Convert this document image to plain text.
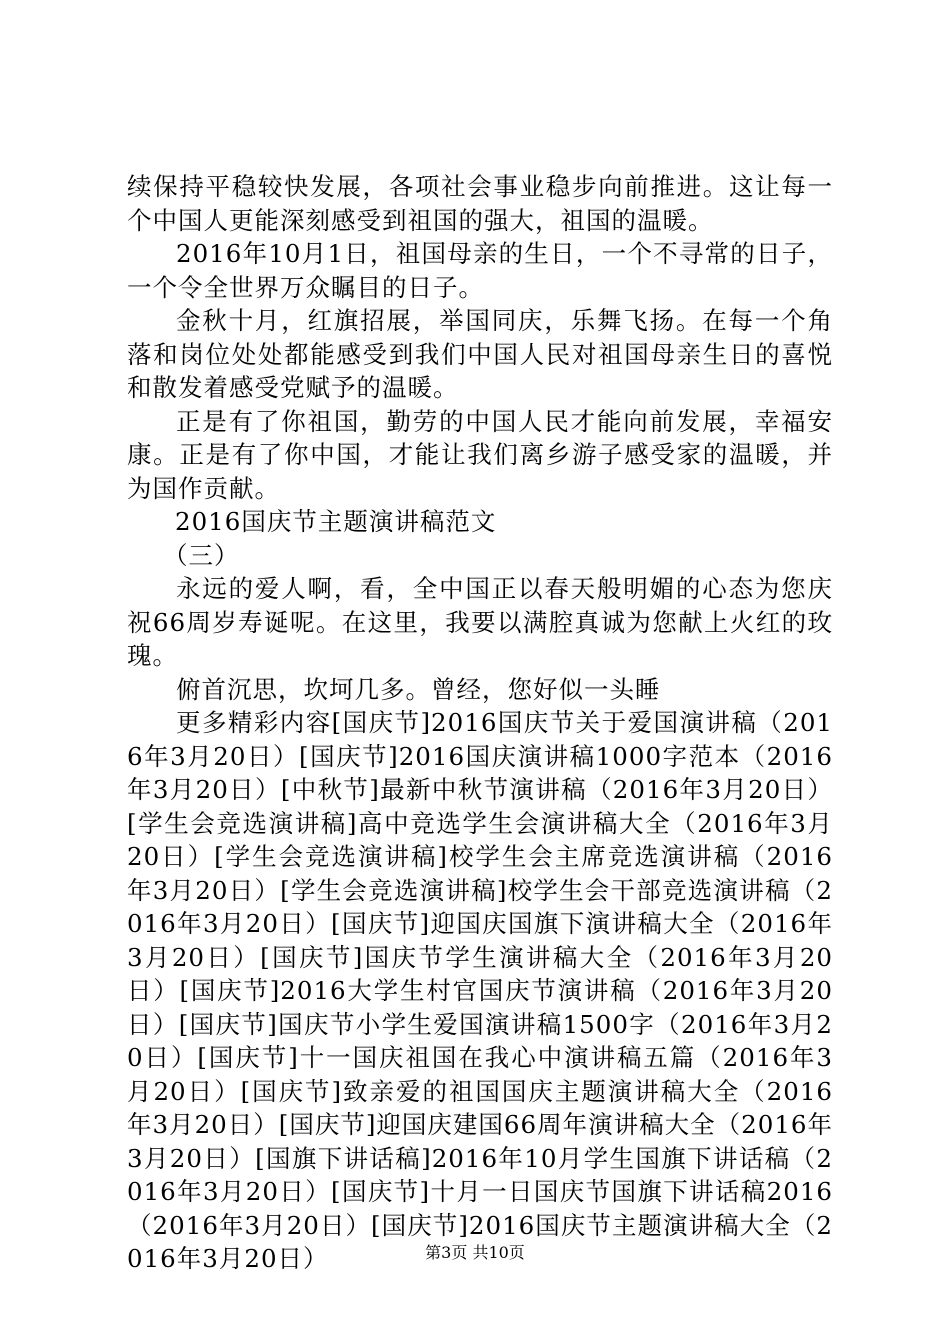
续保持平稳较快发展，各项社会事业稳步向前推进。这让每一个中国人更能深刻感受到祖国的强大，祖国的温暖。

2016年10月1日，祖国母亲的生日，一个不寻常的日子，一个令全世界万众瞩目的日子。

金秋十月，红旗招展，举国同庆，乐舞飞扬。在每一个角落和岗位处处都能感受到我们中国人民对祖国母亲生日的喜悦和散发着感受党赋予的温暖。

正是有了你祖国，勤劳的中国人民才能向前发展，幸福安康。正是有了你中国，才能让我们离乡游子感受家的温暖，并为国作贡献。

2016国庆节主题演讲稿范文

（三）

永远的爱人啊，看，全中国正以春天般明媚的心态为您庆祝66周岁寿诞呢。在这里，我要以满腔真诚为您献上火红的玫瑰。

俯首沉思，坎坷几多。曾经，您好似一头睡

更多精彩内容[国庆节]2016国庆节关于爱国演讲稿（2016年3月20日）[国庆节]2016国庆演讲稿1000字范本（2016年3月20日）[中秋节]最新中秋节演讲稿（2016年3月20日）[学生会竞选演讲稿]高中竞选学生会演讲稿大全（2016年3月20日）[学生会竞选演讲稿]校学生会主席竞选演讲稿（2016年3月20日）[学生会竞选演讲稿]校学生会干部竞选演讲稿（2016年3月20日）[国庆节]迎国庆国旗下演讲稿大全（2016年3月20日）[国庆节]国庆节学生演讲稿大全（2016年3月20日）[国庆节]2016大学生村官国庆节演讲稿（2016年3月20日）[国庆节]国庆节小学生爱国演讲稿1500字（2016年3月20日）[国庆节]十一国庆祖国在我心中演讲稿五篇（2016年3月20日）[国庆节]致亲爱的祖国国庆主题演讲稿大全（2016年3月20日）[国庆节]迎国庆建国66周年演讲稿大全（2016年3月20日）[国旗下讲话稿]2016年10月学生国旗下讲话稿（2016年3月20日）[国庆节]十月一日国庆节国旗下讲话稿2016（2016年3月20日）[国庆节]2016国庆节主题演讲稿大全（2016年3月20日）	第3页 共10页
